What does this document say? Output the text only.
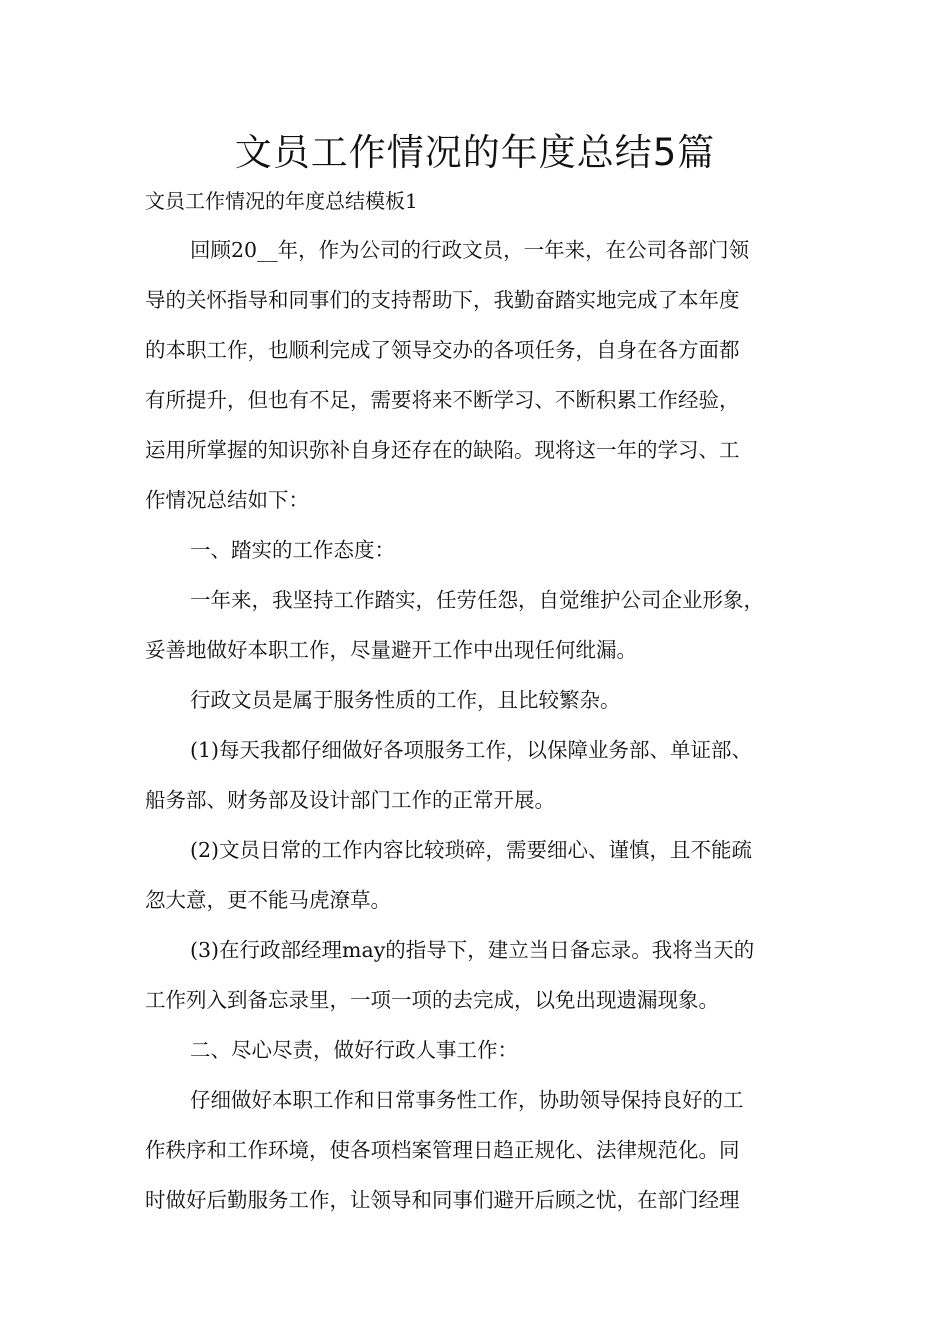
文员工作情况的年度总结5篇
文员工作情况的年度总结模板1
回顾20__年，作为公司的行政文员，一年来，在公司各部门领
导的关怀指导和同事们的支持帮助下，我勤奋踏实地完成了本年度
的本职工作，也顺利完成了领导交办的各项任务，自身在各方面都
有所提升，但也有不足，需要将来不断学习、不断积累工作经验，
运用所掌握的知识弥补自身还存在的缺陷。现将这一年的学习、工
作情况总结如下：
一、踏实的工作态度：
一年来，我坚持工作踏实，任劳任怨，自觉维护公司企业形象，
妥善地做好本职工作，尽量避开工作中出现任何纰漏。
行政文员是属于服务性质的工作，且比较繁杂。
(1)每天我都仔细做好各项服务工作，以保障业务部、单证部、
船务部、财务部及设计部门工作的正常开展。
(2)文员日常的工作内容比较琐碎，需要细心、谨慎，且不能疏
忽大意，更不能马虎潦草。
(3)在行政部经理may的指导下，建立当日备忘录。我将当天的
工作列入到备忘录里，一项一项的去完成，以免出现遗漏现象。
二、尽心尽责，做好行政人事工作：
仔细做好本职工作和日常事务性工作，协助领导保持良好的工
作秩序和工作环境，使各项档案管理日趋正规化、法律规范化。同
时做好后勤服务工作，让领导和同事们避开后顾之忧，在部门经理
